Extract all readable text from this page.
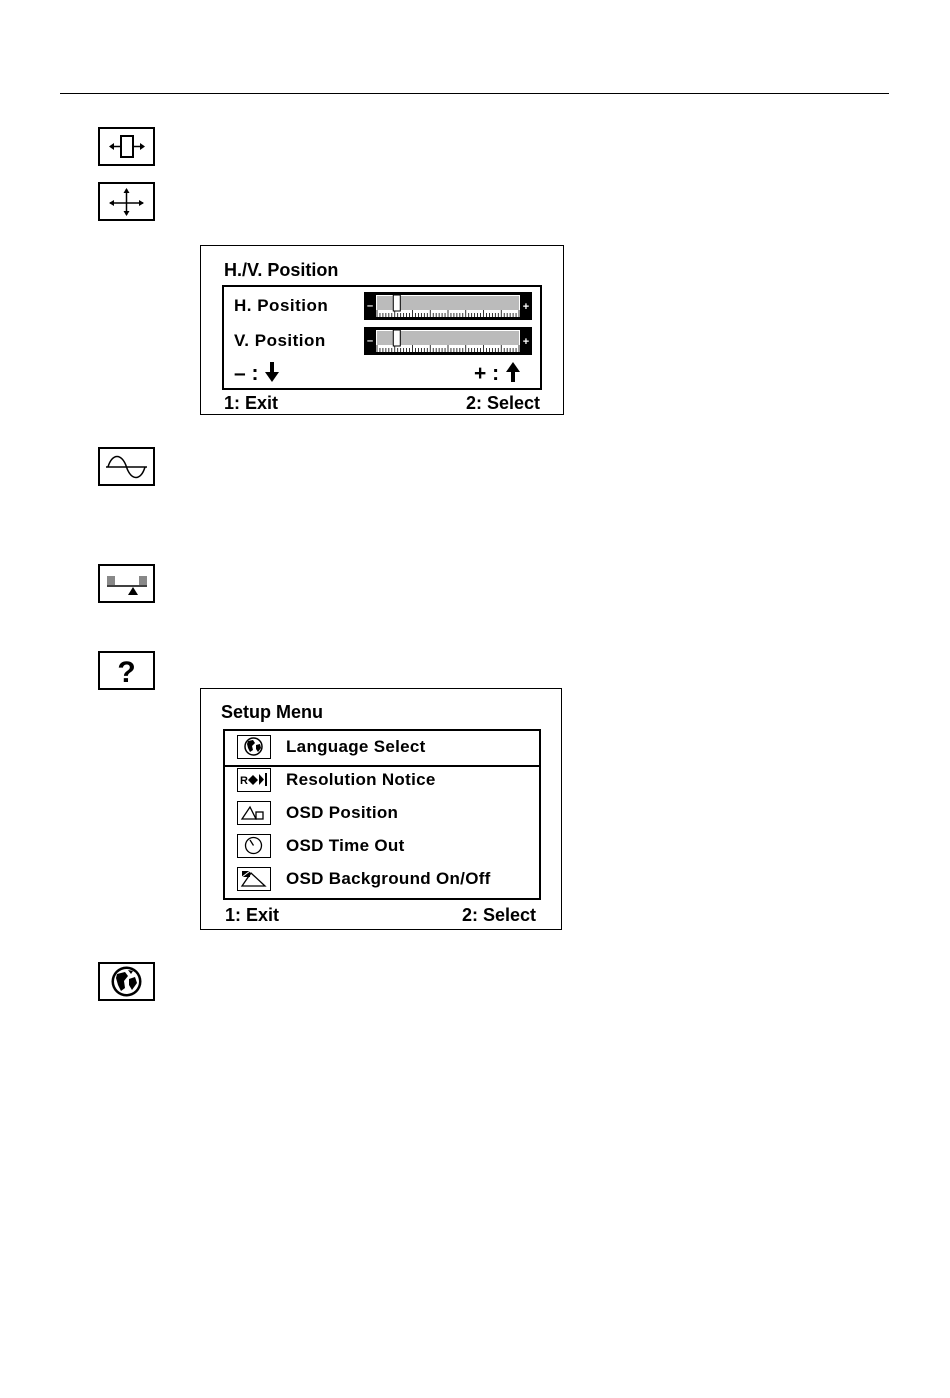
H./V. Position
H. Position	–	+
V. Position	–	+
– :	+ :
1: Exit	2: Select
?
Setup Menu
Language Select
R Resolution Notice
OSD Position
OSD Time Out
OSD Background On/Off
1: Exit	2: Select
